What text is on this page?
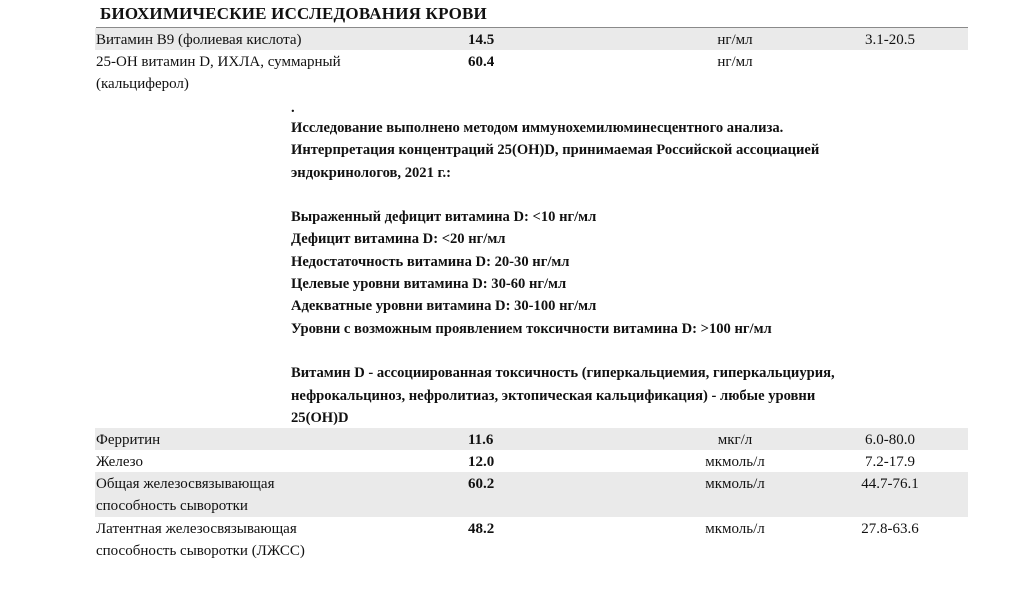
БИОХИМИЧЕСКИЕ ИССЛЕДОВАНИЯ КРОВИ
Витамин В9 (фолиевая кислота)	14.5	нг/мл	3.1-20.5
25-ОН витамин D, ИХЛА, суммарный
(кальциферол)
60.4	нг/мл
.
Исследование выполнено методом иммунохемилюминесцентного анализа.
Интерпретация концентраций 25(ОН)D, принимаемая Российской ассоциацией
эндокринологов, 2021 г.:
Выраженный дефицит витамина D: <10 нг/мл
Дефицит витамина D: <20 нг/мл
Недостаточность витамина D: 20-30 нг/мл
Целевые уровни витамина D: 30-60 нг/мл
Адекватные уровни витамина D: 30-100 нг/мл
Уровни с возможным проявлением токсичности витамина D: >100 нг/мл
Витамин D - ассоциированная токсичность (гиперкальциемия, гиперкальциурия,
нефрокальциноз, нефролитиаз, эктопическая кальцификация) - любые уровни
25(ОН)D
Ферритин	11.6	мкг/л	6.0-80.0
Железо	12.0	мкмоль/л	7.2-17.9
Общая железосвязывающая
способность сыворотки
60.2	мкмоль/л	44.7-76.1
Латентная железосвязывающая
способность сыворотки (ЛЖСС)
48.2	мкмоль/л	27.8-63.6
